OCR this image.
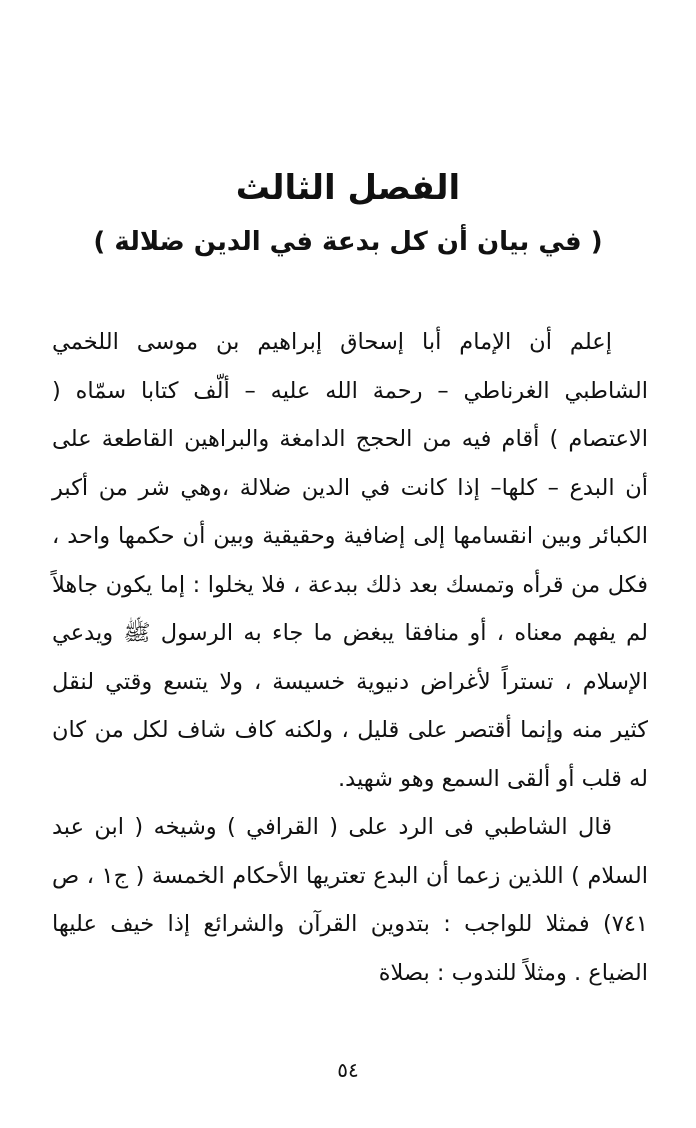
الفصل الثالث
( في بيان أن كل بدعة في الدين ضلالة )

إعلم أن الإمام أبا إسحاق إبراهيم بن موسى اللخمي الشاطبي الغرناطي – رحمة الله عليه – ألّف كتابا سمّاه ( الاعتصام ) أقام فيه من الحجج الدامغة والبراهين القاطعة على أن البدع – كلها– إذا كانت في الدين ضلالة ،وهي شر من أكبر الكبائر وبين انقسامها إلى إضافية وحقيقية وبين أن حكمها واحد ، فكل من قرأه وتمسك بعد ذلك ببدعة ، فلا يخلوا : إما يكون جاهلاً لم يفهم معناه ، أو منافقا يبغض ما جاء به الرسول ﷺ ويدعي الإسلام ، تستراً لأغراض دنيوية خسيسة ، ولا يتسع وقتي لنقل كثير منه وإنما أقتصر على قليل ، ولكنه كاف شاف لكل من كان له قلب أو ألقى السمع وهو شهيد.

قال الشاطبي فى الرد على ( القرافي ) وشيخه ( ابن عبد السلام ) اللذين زعما أن البدع تعتريها الأحكام الخمسة ( ج١ ، ص ٧٤١) فمثلا للواجب : بتدوين القرآن والشرائع إذا خيف عليها الضياع . ومثلاً للندوب : بصلاة

٥٤
